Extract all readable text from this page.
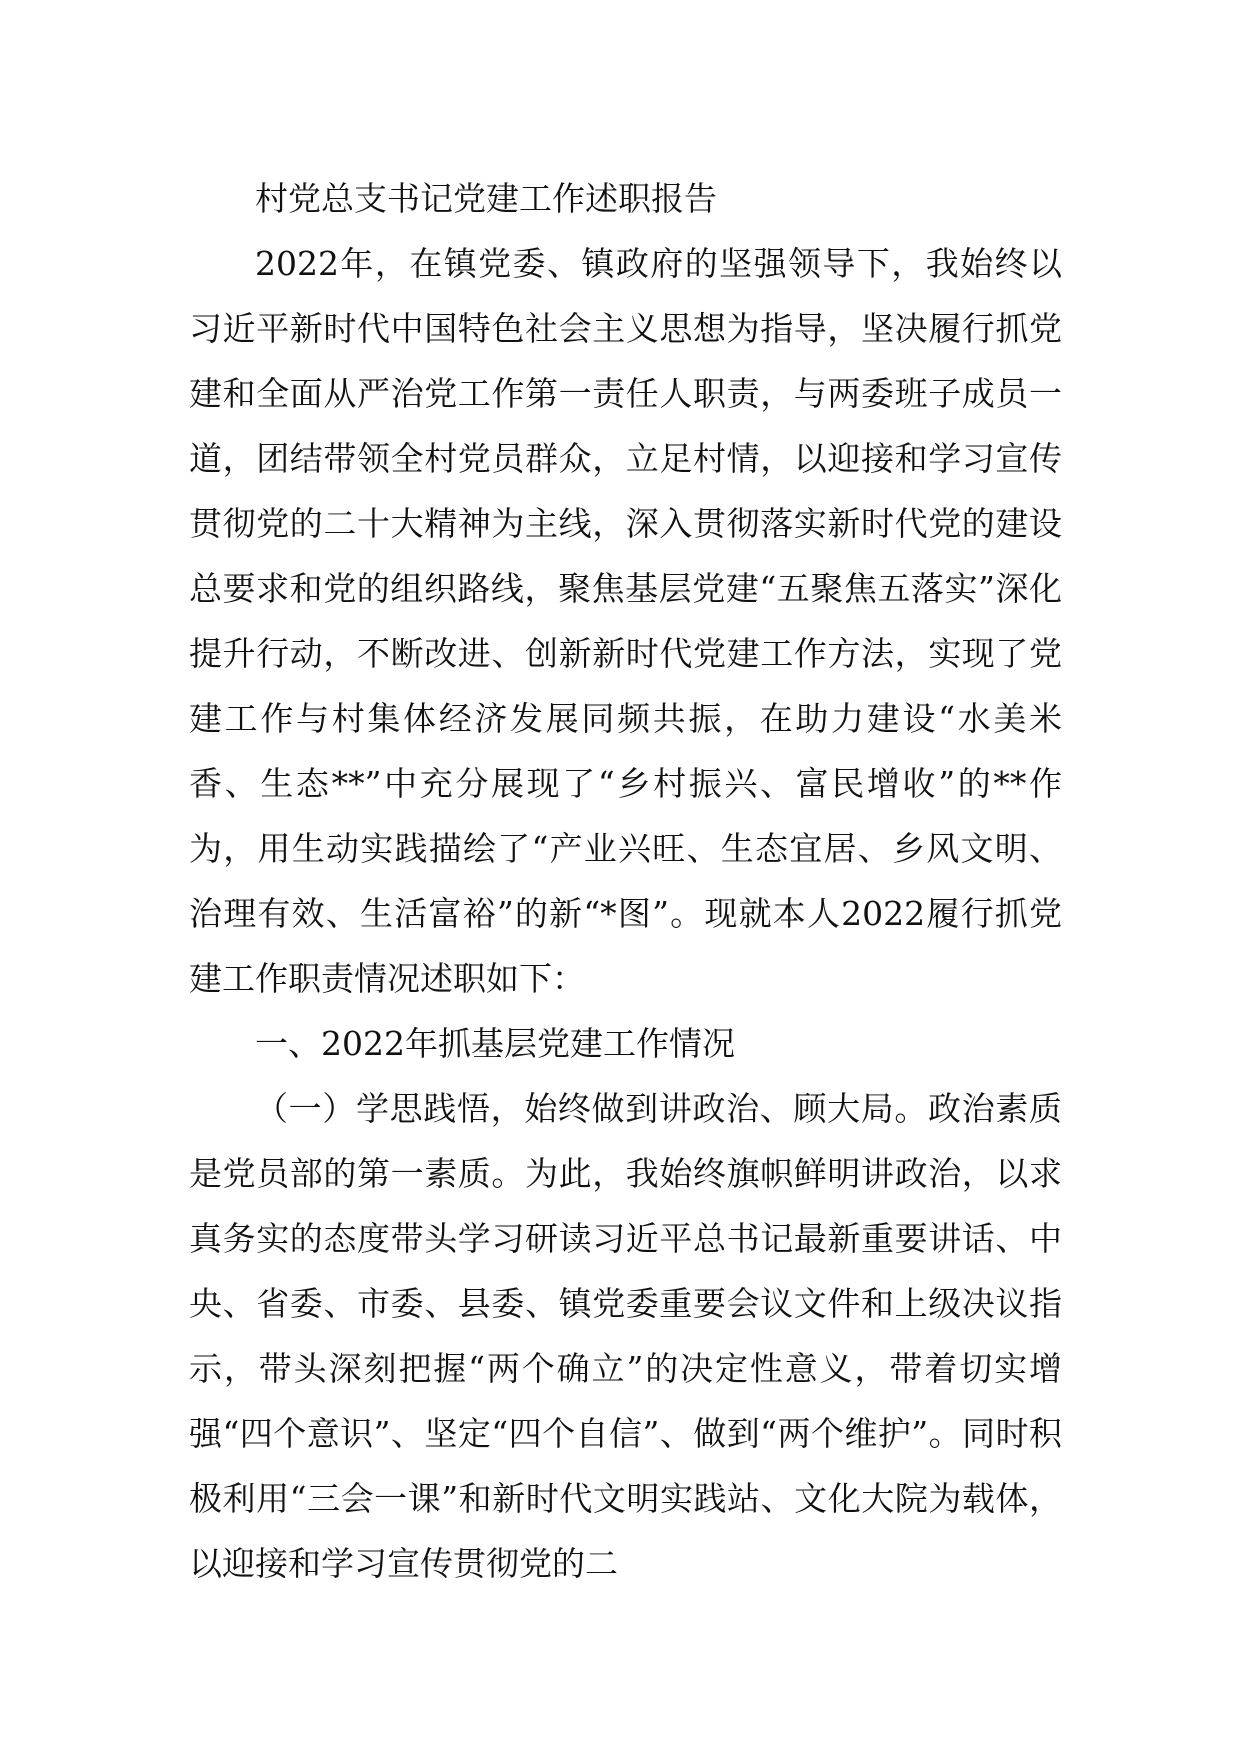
村党总支书记党建工作述职报告

2022年，在镇党委、镇政府的坚强领导下，我始终以习近平新时代中国特色社会主义思想为指导，坚决履行抓党建和全面从严治党工作第一责任人职责，与两委班子成员一道，团结带领全村党员群众，立足村情，以迎接和学习宣传贯彻党的二十大精神为主线，深入贯彻落实新时代党的建设总要求和党的组织路线，聚焦基层党建“五聚焦五落实”深化提升行动，不断改进、创新新时代党建工作方法，实现了党建工作与村集体经济发展同频共振，在助力建设“水美米香、生态**”中充分展现了“乡村振兴、富民增收”的**作为，用生动实践描绘了“产业兴旺、生态宜居、乡风文明、治理有效、生活富裕”的新“*图”。现就本人2022履行抓党建工作职责情况述职如下：

一、2022年抓基层党建工作情况

（一）学思践悟，始终做到讲政治、顾大局。政治素质是党员部的第一素质。为此，我始终旗帜鲜明讲政治，以求真务实的态度带头学习研读习近平总书记最新重要讲话、中央、省委、市委、县委、镇党委重要会议文件和上级决议指示，带头深刻把握“两个确立”的决定性意义，带着切实增强“四个意识”、坚定“四个自信”、做到“两个维护”。同时积极利用“三会一课”和新时代文明实践站、文化大院为载体，以迎接和学习宣传贯彻党的二
